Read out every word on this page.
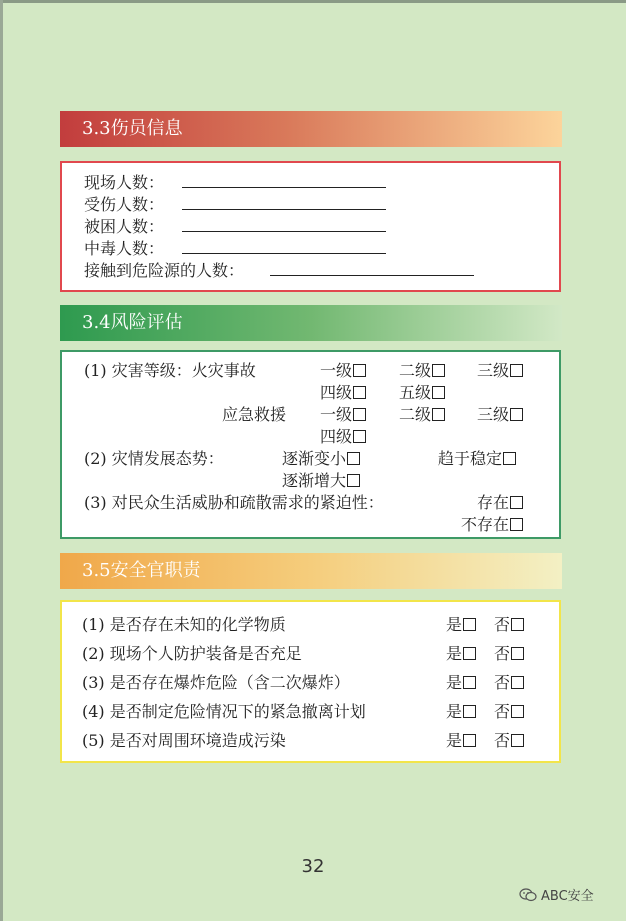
3.3伤员信息
现场人数：
受伤人数：
被困人数：
中毒人数：
接触到危险源的人数：
3.4风险评估
(1) 灾害等级：火灾事故	一级	二级	三级
四级	五级
应急救援 一级	二级	三级
四级
(2) 灾情发展态势：	逐渐变小	趋于稳定
逐渐增大
(3) 对民众生活威胁和疏散需求的紧迫性：	存在
不存在
3.5安全官职责
(1) 是否存在未知的化学物质	是	否
(2) 现场个人防护装备是否充足	是	否
(3) 是否存在爆炸危险（含二次爆炸）	是	否
(4) 是否制定危险情况下的紧急撤离计划	是	否
(5) 是否对周围环境造成污染	是	否
32
ABC安全
